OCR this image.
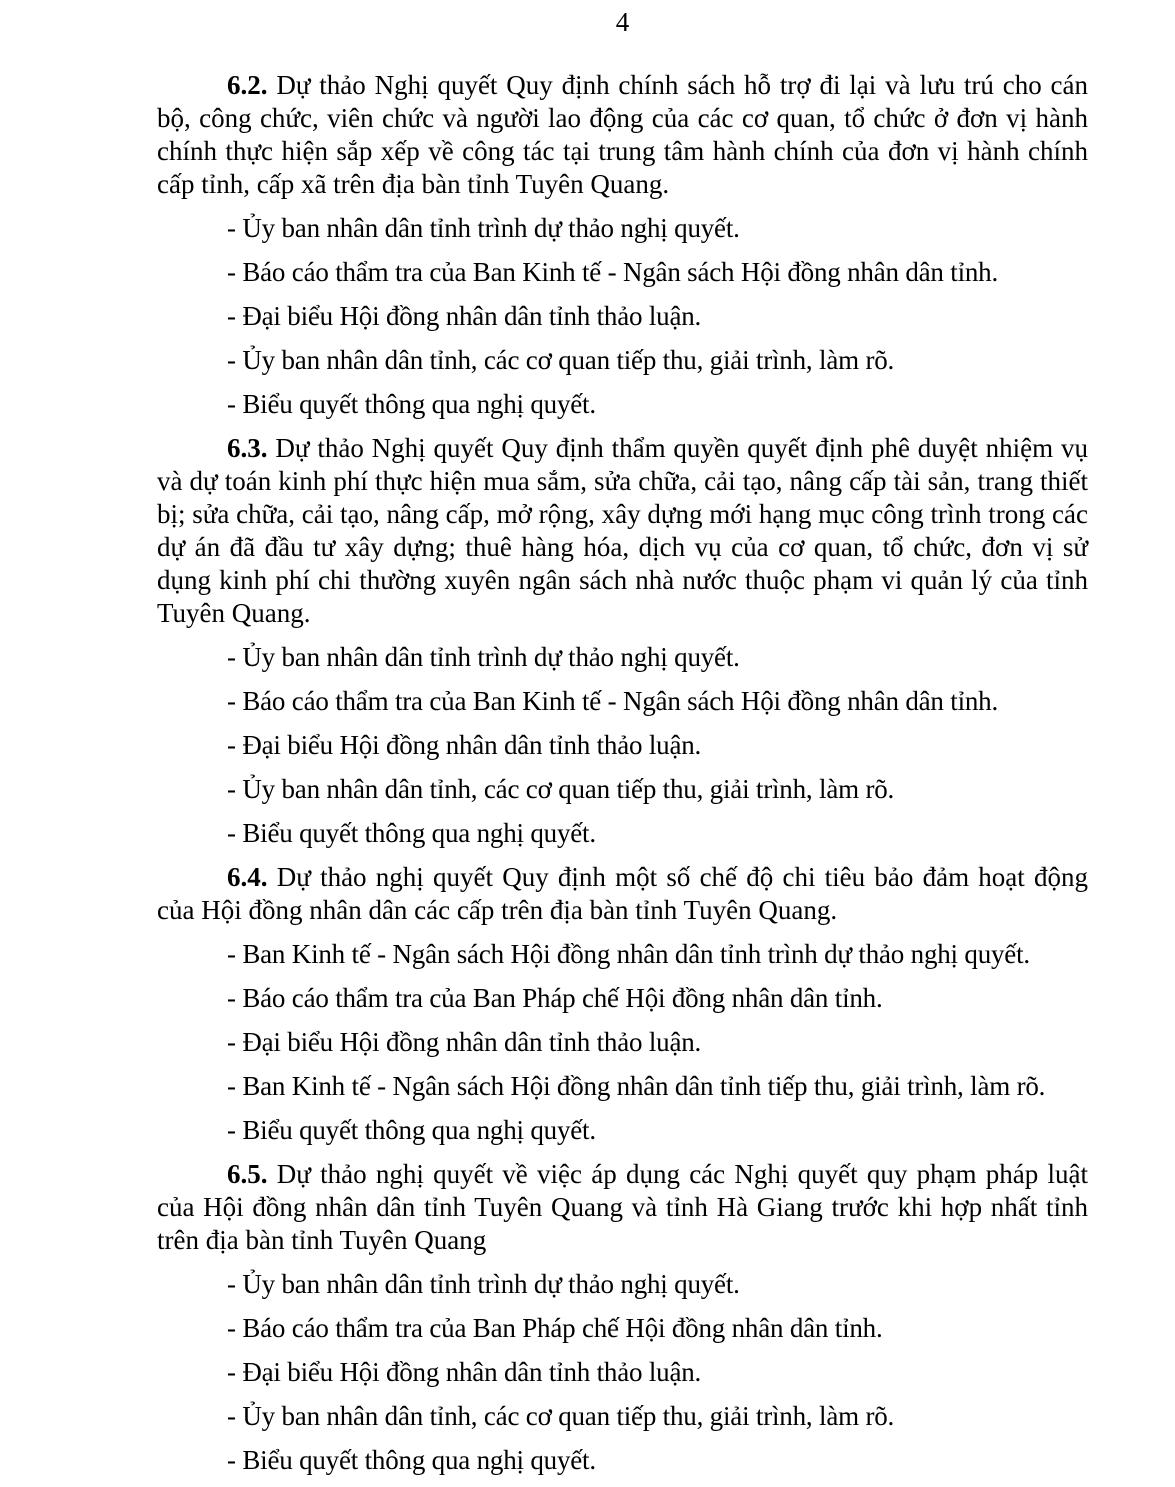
4

6.2. Dự thảo Nghị quyết Quy định chính sách hỗ trợ đi lại và lưu trú cho cán bộ, công chức, viên chức và người lao động của các cơ quan, tổ chức ở đơn vị hành chính thực hiện sắp xếp về công tác tại trung tâm hành chính của đơn vị hành chính cấp tỉnh, cấp xã trên địa bàn tỉnh Tuyên Quang.

- Ủy ban nhân dân tỉnh trình dự thảo nghị quyết.

- Báo cáo thẩm tra của Ban Kinh tế - Ngân sách Hội đồng nhân dân tỉnh.

- Đại biểu Hội đồng nhân dân tỉnh thảo luận.

- Ủy ban nhân dân tỉnh, các cơ quan tiếp thu, giải trình, làm rõ.

- Biểu quyết thông qua nghị quyết.

6.3. Dự thảo Nghị quyết Quy định thẩm quyền quyết định phê duyệt nhiệm vụ và dự toán kinh phí thực hiện mua sắm, sửa chữa, cải tạo, nâng cấp tài sản, trang thiết bị; sửa chữa, cải tạo, nâng cấp, mở rộng, xây dựng mới hạng mục công trình trong các dự án đã đầu tư xây dựng; thuê hàng hóa, dịch vụ của cơ quan, tổ chức, đơn vị sử dụng kinh phí chi thường xuyên ngân sách nhà nước thuộc phạm vi quản lý của tỉnh Tuyên Quang.

- Ủy ban nhân dân tỉnh trình dự thảo nghị quyết.

- Báo cáo thẩm tra của Ban Kinh tế - Ngân sách Hội đồng nhân dân tỉnh.

- Đại biểu Hội đồng nhân dân tỉnh thảo luận.

- Ủy ban nhân dân tỉnh, các cơ quan tiếp thu, giải trình, làm rõ.

- Biểu quyết thông qua nghị quyết.

6.4. Dự thảo nghị quyết Quy định một số chế độ chi tiêu bảo đảm hoạt động của Hội đồng nhân dân các cấp trên địa bàn tỉnh Tuyên Quang.

- Ban Kinh tế - Ngân sách Hội đồng nhân dân tỉnh trình dự thảo nghị quyết.

- Báo cáo thẩm tra của Ban Pháp chế Hội đồng nhân dân tỉnh.

- Đại biểu Hội đồng nhân dân tỉnh thảo luận.

- Ban Kinh tế - Ngân sách Hội đồng nhân dân tỉnh tiếp thu, giải trình, làm rõ.

- Biểu quyết thông qua nghị quyết.

6.5. Dự thảo nghị quyết về việc áp dụng các Nghị quyết quy phạm pháp luật của Hội đồng nhân dân tỉnh Tuyên Quang và tỉnh Hà Giang trước khi hợp nhất tỉnh trên địa bàn tỉnh Tuyên Quang

- Ủy ban nhân dân tỉnh trình dự thảo nghị quyết.

- Báo cáo thẩm tra của Ban Pháp chế Hội đồng nhân dân tỉnh.

- Đại biểu Hội đồng nhân dân tỉnh thảo luận.

- Ủy ban nhân dân tỉnh, các cơ quan tiếp thu, giải trình, làm rõ.

- Biểu quyết thông qua nghị quyết.
